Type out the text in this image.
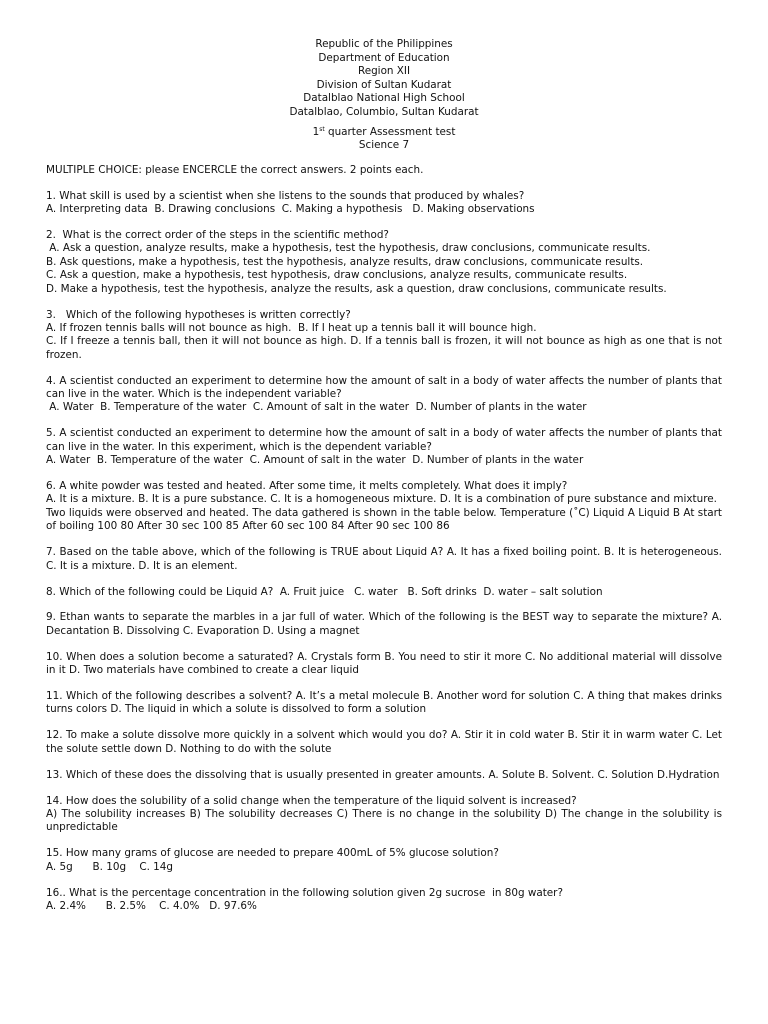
Republic of the Philippines
Department of Education
Region XII
Division of Sultan Kudarat
Datalblao National High School
Datalblao, Columbio, Sultan Kudarat
1st quarter Assessment test
Science 7
MULTIPLE CHOICE: please ENCERCLE the correct answers. 2 points each.
1. What skill is used by a scientist when she listens to the sounds that produced by whales?
A. Interpreting data  B. Drawing conclusions  C. Making a hypothesis   D. Making observations
2.  What is the correct order of the steps in the scientific method?
A. Ask a question, analyze results, make a hypothesis, test the hypothesis, draw conclusions, communicate results.
B. Ask questions, make a hypothesis, test the hypothesis, analyze results, draw conclusions, communicate results.
C. Ask a question, make a hypothesis, test hypothesis, draw conclusions, analyze results, communicate results.
D. Make a hypothesis, test the hypothesis, analyze the results, ask a question, draw conclusions, communicate results.
3.   Which of the following hypotheses is written correctly?
A. If frozen tennis balls will not bounce as high.  B. If I heat up a tennis ball it will bounce high.
C. If I freeze a tennis ball, then it will not bounce as high. D. If a tennis ball is frozen, it will not bounce as high as one that is not frozen.
4. A scientist conducted an experiment to determine how the amount of salt in a body of water affects the number of plants that can live in the water. Which is the independent variable?
A. Water  B. Temperature of the water  C. Amount of salt in the water  D. Number of plants in the water
5. A scientist conducted an experiment to determine how the amount of salt in a body of water affects the number of plants that can live in the water. In this experiment, which is the dependent variable?
A. Water  B. Temperature of the water  C. Amount of salt in the water  D. Number of plants in the water
6. A white powder was tested and heated. After some time, it melts completely. What does it imply?
A. It is a mixture. B. It is a pure substance. C. It is a homogeneous mixture. D. It is a combination of pure substance and mixture.
Two liquids were observed and heated. The data gathered is shown in the table below. Temperature (˚C) Liquid A Liquid B At start of boiling 100 80 After 30 sec 100 85 After 60 sec 100 84 After 90 sec 100 86
7. Based on the table above, which of the following is TRUE about Liquid A? A. It has a fixed boiling point. B. It is heterogeneous. C. It is a mixture. D. It is an element.
8. Which of the following could be Liquid A?  A. Fruit juice   C. water   B. Soft drinks  D. water – salt solution
9. Ethan wants to separate the marbles in a jar full of water. Which of the following is the BEST way to separate the mixture? A. Decantation B. Dissolving C. Evaporation D. Using a magnet
10. When does a solution become a saturated? A. Crystals form B. You need to stir it more C. No additional material will dissolve in it D. Two materials have combined to create a clear liquid
11. Which of the following describes a solvent? A. It’s a metal molecule B. Another word for solution C. A thing that makes drinks turns colors D. The liquid in which a solute is dissolved to form a solution
12. To make a solute dissolve more quickly in a solvent which would you do? A. Stir it in cold water B. Stir it in warm water C. Let the solute settle down D. Nothing to do with the solute
13. Which of these does the dissolving that is usually presented in greater amounts. A. Solute B. Solvent. C. Solution D.Hydration
14. How does the solubility of a solid change when the temperature of the liquid solvent is increased?
A) The solubility increases B) The solubility decreases C) There is no change in the solubility D) The change in the solubility is unpredictable
15. How many grams of glucose are needed to prepare 400mL of 5% glucose solution?
A. 5g      B. 10g    C. 14g
16.. What is the percentage concentration in the following solution given 2g sucrose  in 80g water?
A. 2.4%      B. 2.5%    C. 4.0%   D. 97.6%
